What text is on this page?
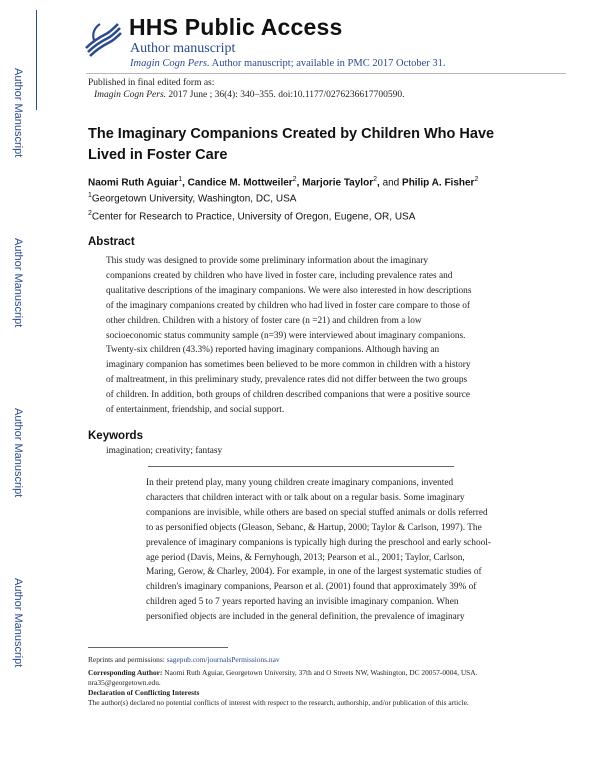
Author Manuscript
Author Manuscript
Author Manuscript
Author Manuscript
HHS Public Access
Author manuscript
Imagin Cogn Pers. Author manuscript; available in PMC 2017 October 31.
Published in final edited form as:
Imagin Cogn Pers. 2017 June ; 36(4): 340–355. doi:10.1177/0276236617700590.
The Imaginary Companions Created by Children Who Have Lived in Foster Care
Naomi Ruth Aguiar$^1$, Candice M. Mottweiler$^2$, Marjorie Taylor$^2$, and Philip A. Fisher$^2$
$^1$Georgetown University, Washington, DC, USA
$^2$Center for Research to Practice, University of Oregon, Eugene, OR, USA
Abstract

This study was designed to provide some preliminary information about the imaginary

companions created by children who have lived in foster care, including prevalence rates and

qualitative descriptions of the imaginary companions. We were also interested in how descriptions

of the imaginary companions created by children who had lived in foster care compare to those of

other children. Children with a history of foster care (n =21) and children from a low

socioeconomic status community sample (n=39) were interviewed about imaginary companions.

Twenty-six children (43.3%) reported having imaginary companions. Although having an

imaginary companion has sometimes been believed to be more common in children with a history

of maltreatment, in this preliminary study, prevalence rates did not differ between the two groups

of children. In addition, both groups of children described companions that were a positive source

of entertainment, friendship, and social support.

Keywords
imagination; creativity; fantasy

In their pretend play, many young children create imaginary companions, invented

characters that children interact with or talk about on a regular basis. Some imaginary

companions are invisible, while others are based on special stuffed animals or dolls referred

to as personified objects (Gleason, Sebanc, & Hartup, 2000; Taylor & Carlson, 1997). The

prevalence of imaginary companions is typically high during the preschool and early school-

age period (Davis, Meins, & Fernyhough, 2013; Pearson et al., 2001; Taylor, Carlson,

Maring, Gerow, & Charley, 2004). For example, in one of the largest systematic studies of

children's imaginary companions, Pearson et al. (2001) found that approximately 39% of

children aged 5 to 7 years reported having an invisible imaginary companion. When

personified objects are included in the general definition, the prevalence of imaginary

Reprints and permissions: sagepub.com/journalsPermissions.nav
Corresponding Author: Naomi Ruth Aguiar, Georgetown University, 37th and O Streets NW, Washington, DC 20057-0004, USA.
nra35@georgetown.edu.
Declaration of Conflicting Interests
The author(s) declared no potential conflicts of interest with respect to the research, authorship, and/or publication of this article.
